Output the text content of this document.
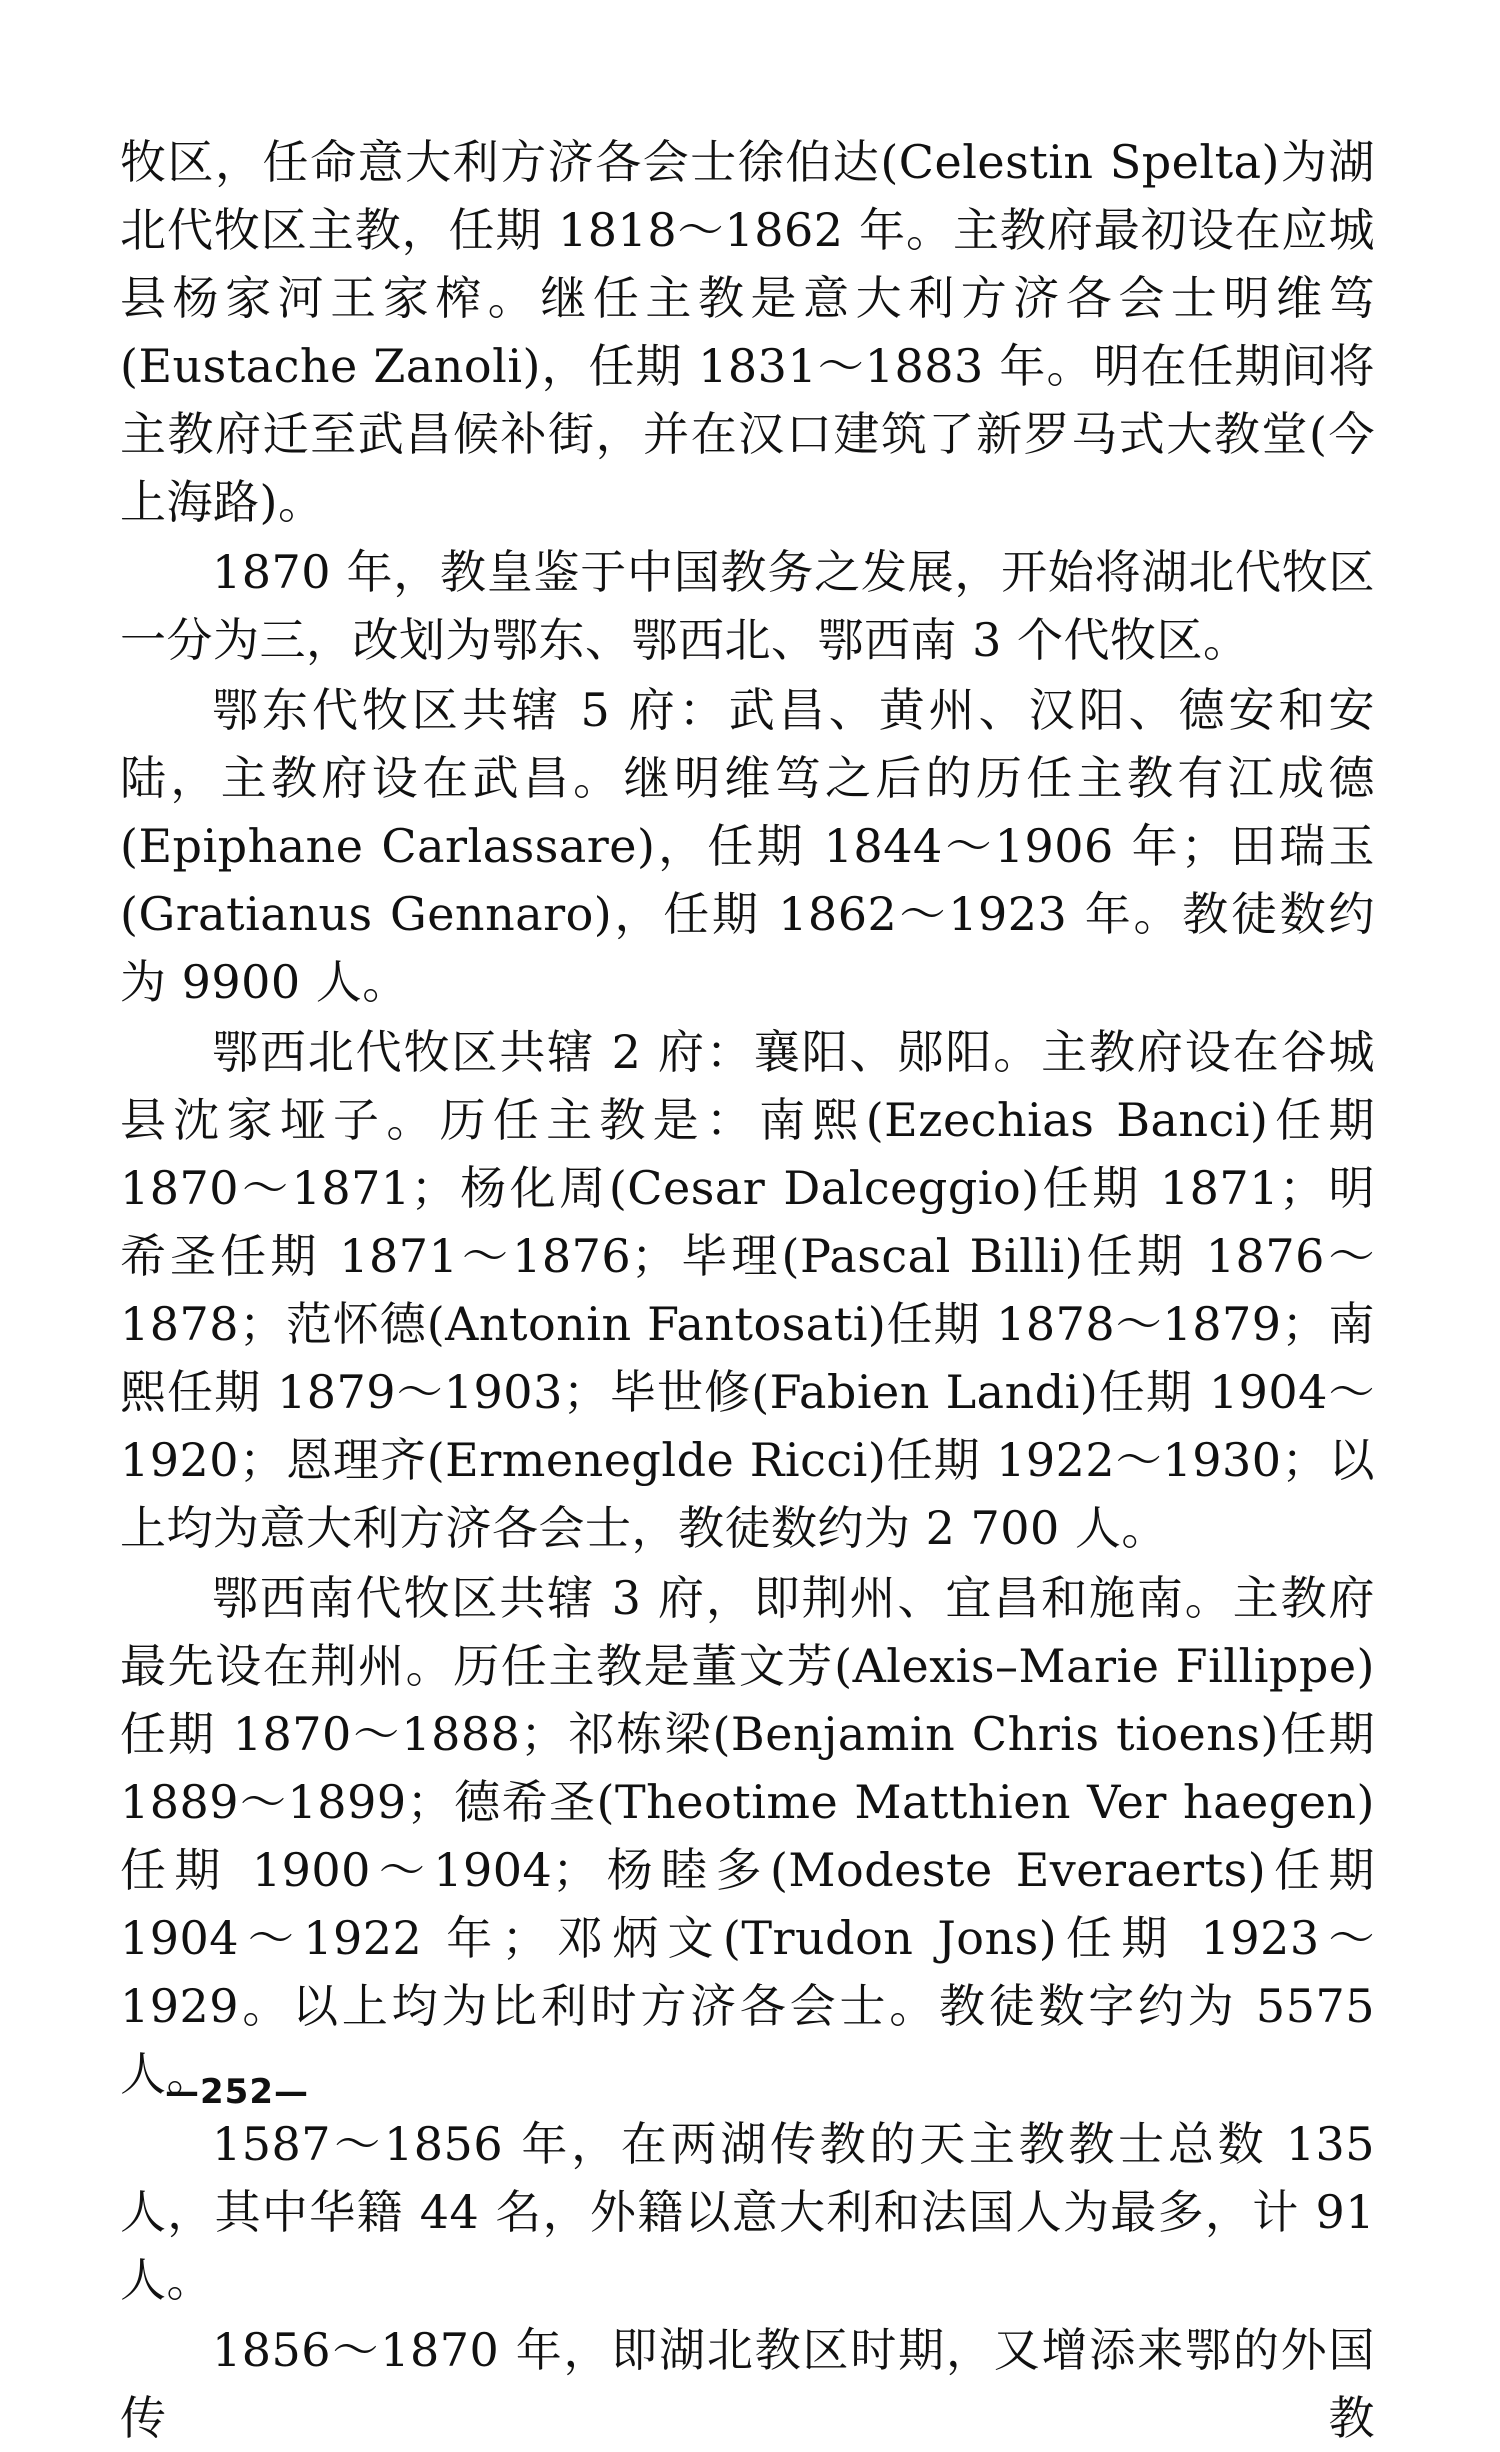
牧区，任命意大利方济各会士徐伯达(Celestin Spelta)为湖北代牧区主教，任期 1818～1862 年。主教府最初设在应城县杨家河王家榨。继任主教是意大利方济各会士明维笃(Eustache Zanoli)，任期 1831～1883 年。明在任期间将主教府迁至武昌候补街，并在汉口建筑了新罗马式大教堂(今上海路)。

1870 年，教皇鉴于中国教务之发展，开始将湖北代牧区一分为三，改划为鄂东、鄂西北、鄂西南 3 个代牧区。

鄂东代牧区共辖 5 府：武昌、黄州、汉阳、德安和安陆，主教府设在武昌。继明维笃之后的历任主教有江成德(Epiphane Carlassare)，任期 1844～1906 年；田瑞玉(Gratianus Gennaro)，任期 1862～1923 年。教徒数约为 9900 人。

鄂西北代牧区共辖 2 府：襄阳、郧阳。主教府设在谷城县沈家垭子。历任主教是：南熙(Ezechias Banci)任期 1870～1871；杨化周(Cesar Dalceggio)任期 1871；明希圣任期 1871～1876；毕理(Pascal Billi)任期 1876～1878；范怀德(Antonin Fantosati)任期 1878～1879；南熙任期 1879～1903；毕世修(Fabien Landi)任期 1904～1920；恩理齐(Ermeneglde Ricci)任期 1922～1930；以上均为意大利方济各会士，教徒数约为 2 700 人。

鄂西南代牧区共辖 3 府，即荆州、宜昌和施南。主教府最先设在荆州。历任主教是董文芳(Alexis–Marie Fillippe)任期 1870～1888；祁栋梁(Benjamin Chris tioens)任期 1889～1899；德希圣(Theotime Matthien Ver haegen)任期 1900～1904；杨睦多(Modeste Everaerts)任期 1904～1922 年；邓炳文(Trudon Jons)任期 1923～1929。以上均为比利时方济各会士。教徒数字约为 5575 人。

1587～1856 年，在两湖传教的天主教教士总数 135 人，其中华籍 44 名，外籍以意大利和法国人为最多，计 91 人。

1856～1870 年，即湖北教区时期，又增添来鄂的外国传教

—252—
